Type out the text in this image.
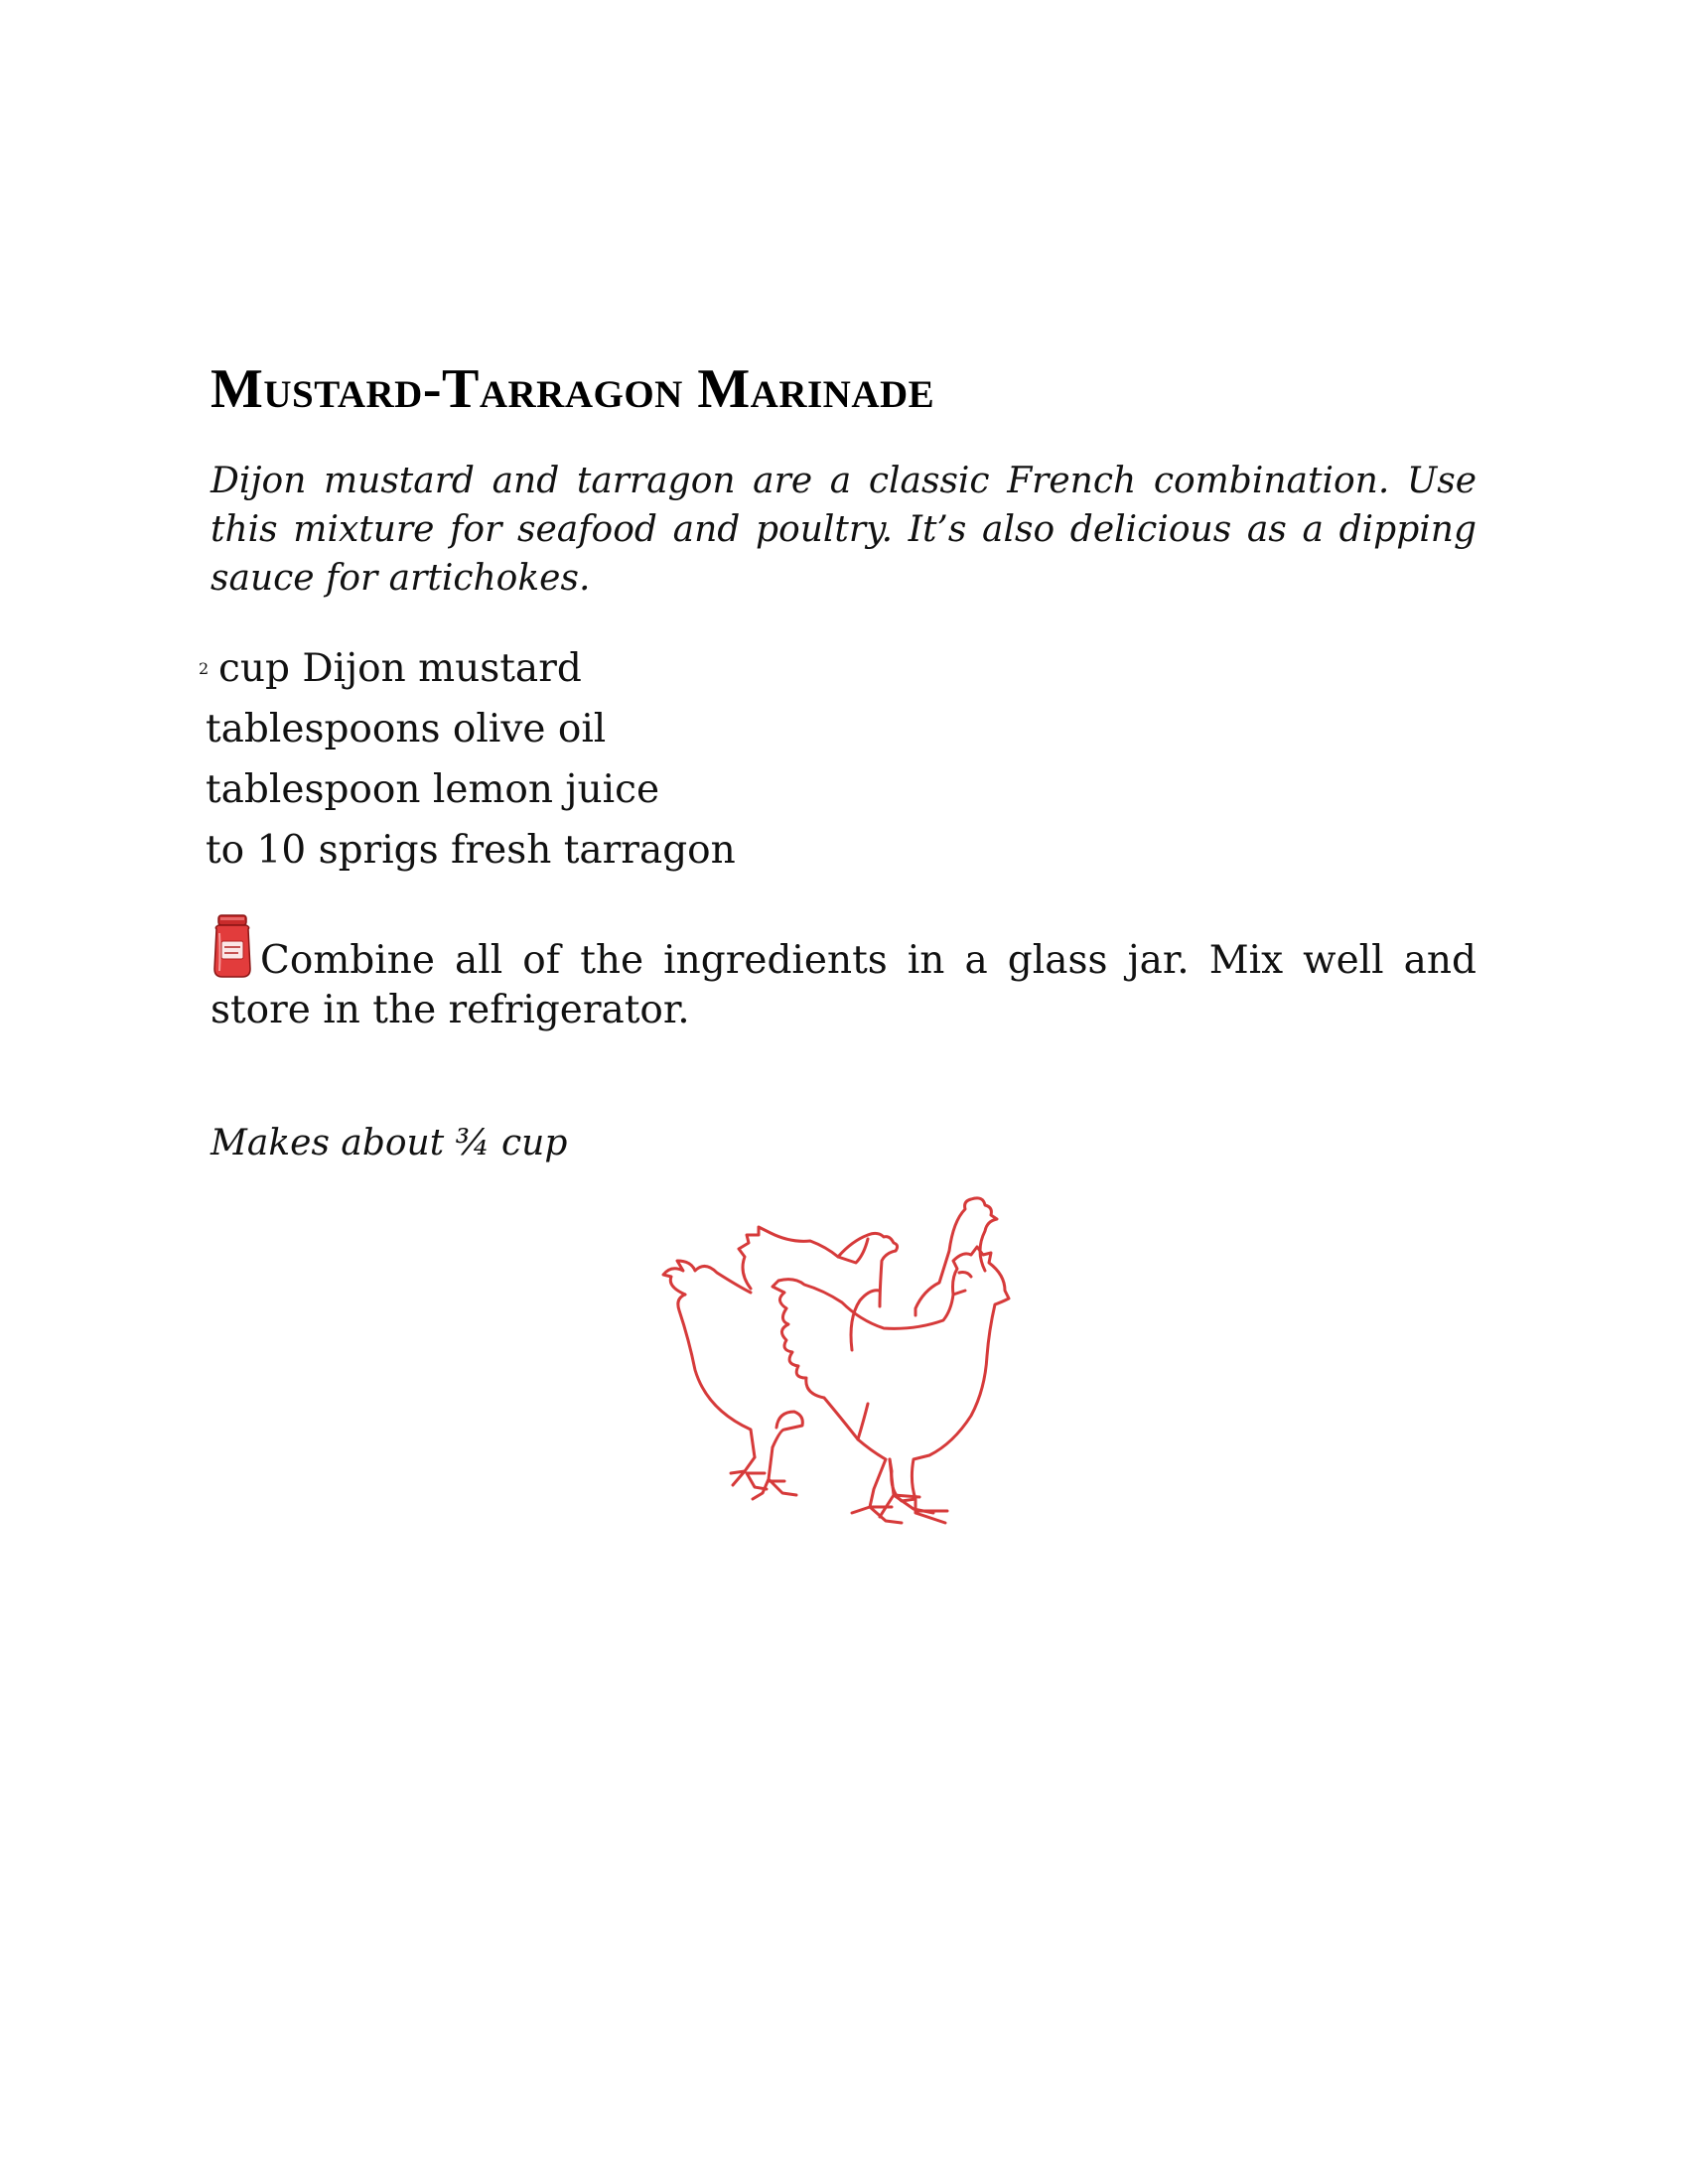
Mustard-Tarragon Marinade

Dijon mustard and tarragon are a classic French combination. Use this mixture for seafood and poultry. It’s also delicious as a dipping sauce for artichokes.

2 cup Dijon mustard
tablespoons olive oil
tablespoon lemon juice
to 10 sprigs fresh tarragon

Combine all of the ingredients in a glass jar. Mix well and store in the refrigerator.

Makes about ¾ cup
